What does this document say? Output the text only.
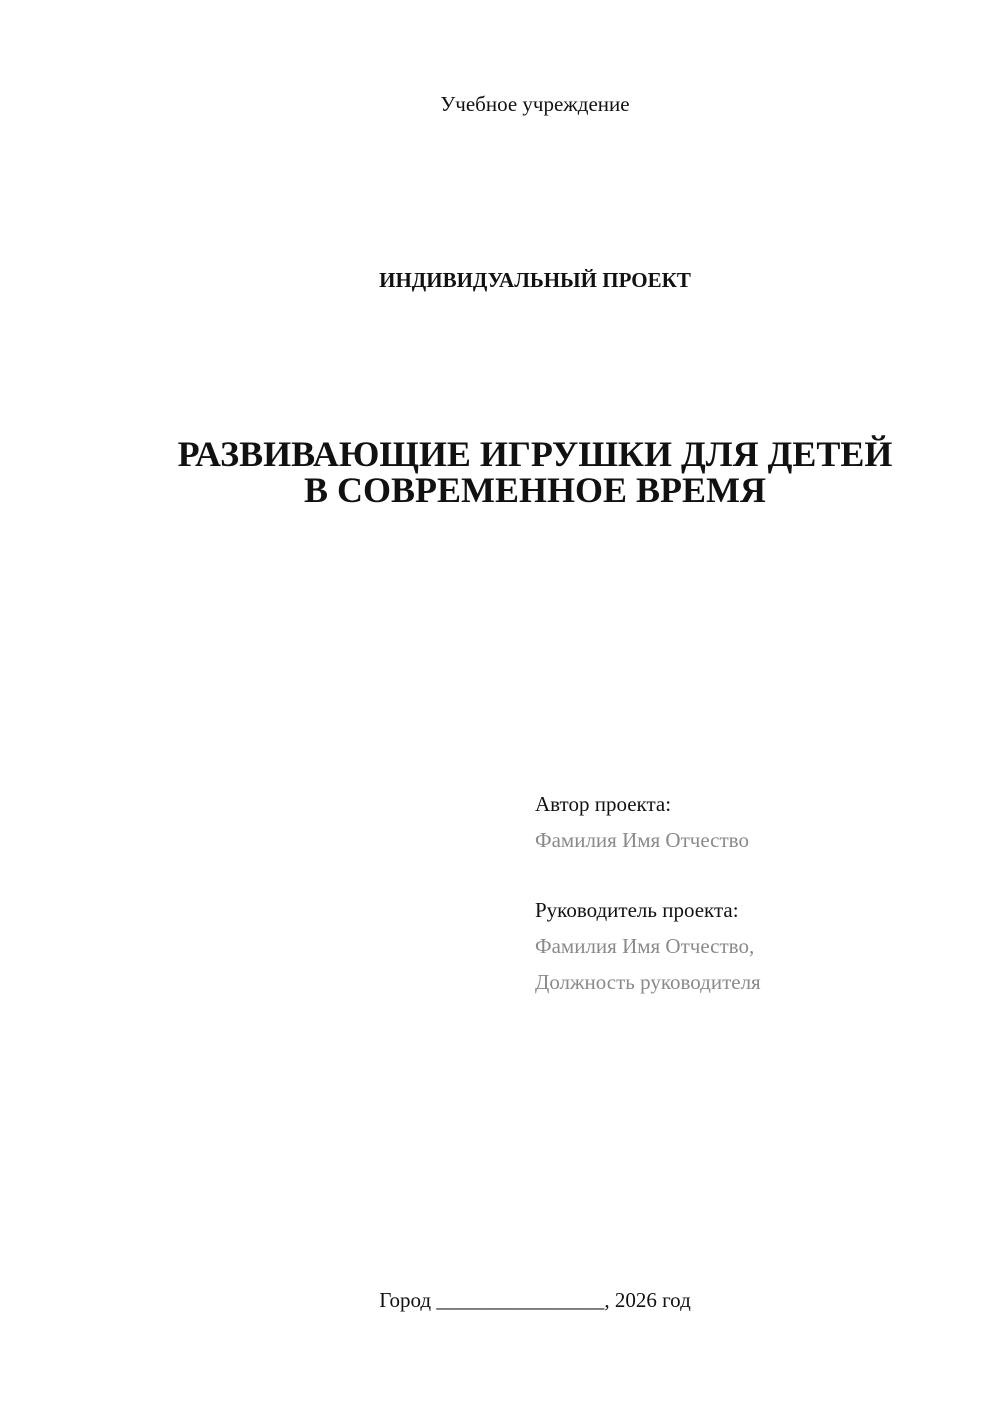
Учебное учреждение
ИНДИВИДУАЛЬНЫЙ ПРОЕКТ
РАЗВИВАЮЩИЕ ИГРУШКИ ДЛЯ ДЕТЕЙ
В СОВРЕМЕННОЕ ВРЕМЯ
Автор проекта:
Фамилия Имя Отчество
Руководитель проекта:
Фамилия Имя Отчество,
Должность руководителя
Город ________________, 2026 год
